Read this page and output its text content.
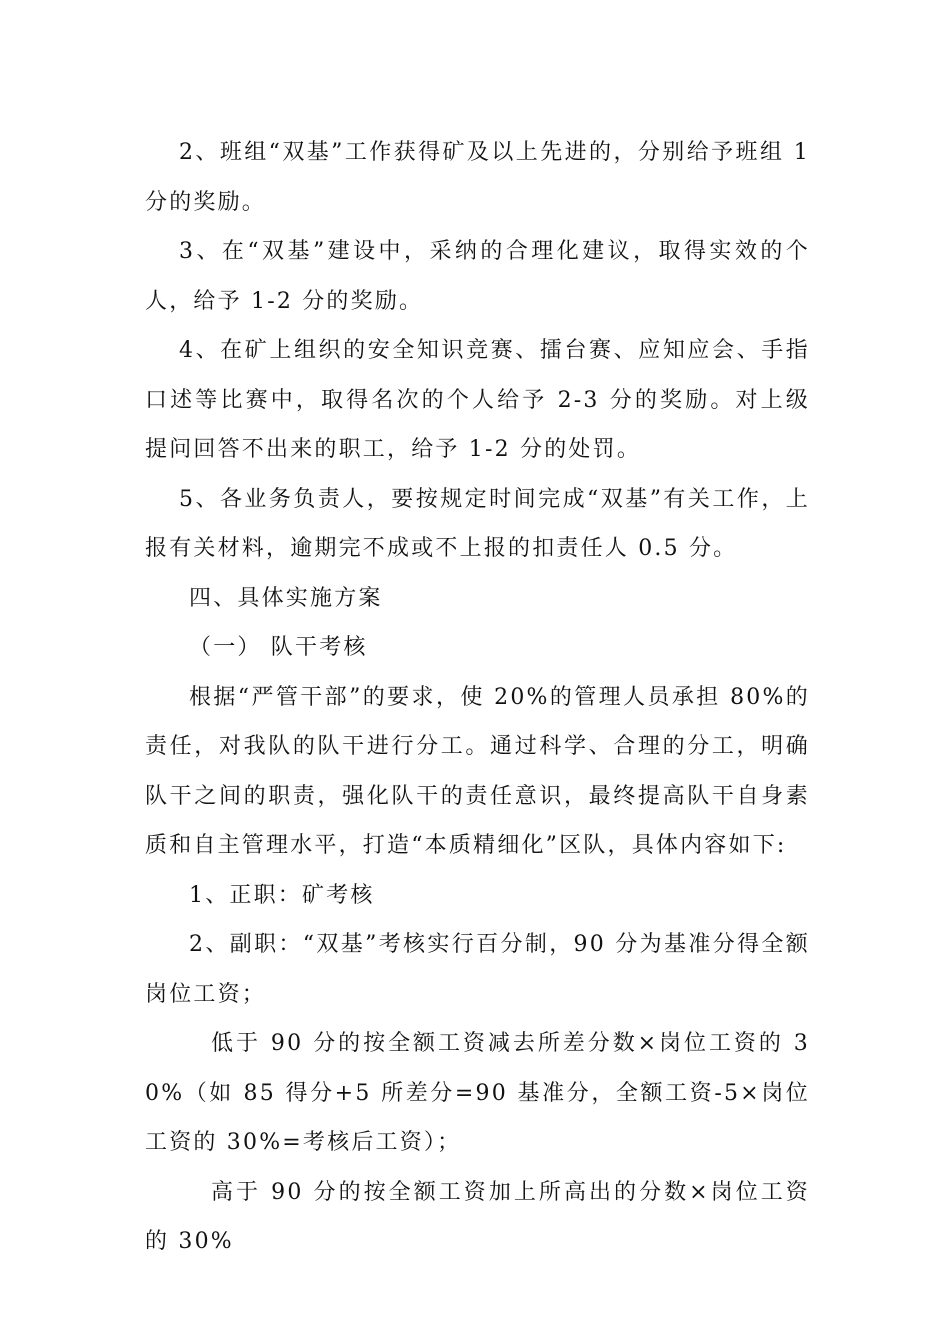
2、班组“双基”工作获得矿及以上先进的，分别给予班组 1 分的奖励。

3、在“双基”建设中，采纳的合理化建议，取得实效的个人，给予 1-2 分的奖励。

4、在矿上组织的安全知识竞赛、擂台赛、应知应会、手指口述等比赛中，取得名次的个人给予 2-3 分的奖励。对上级提问回答不出来的职工，给予 1-2 分的处罚。

5、各业务负责人，要按规定时间完成“双基”有关工作，上报有关材料，逾期完不成或不上报的扣责任人 0.5 分。

四、具体实施方案

（一） 队干考核

根据“严管干部”的要求，使 20%的管理人员承担 80%的责任，对我队的队干进行分工。通过科学、合理的分工，明确队干之间的职责，强化队干的责任意识，最终提高队干自身素质和自主管理水平，打造“本质精细化”区队，具体内容如下:

1、正职：矿考核

2、副职：“双基”考核实行百分制，90 分为基准分得全额岗位工资；

低于 90 分的按全额工资减去所差分数×岗位工资的 30%（如 85 得分+5 所差分=90 基准分，全额工资-5×岗位工资的 30%=考核后工资）；

高于 90 分的按全额工资加上所高出的分数×岗位工资的 30%
